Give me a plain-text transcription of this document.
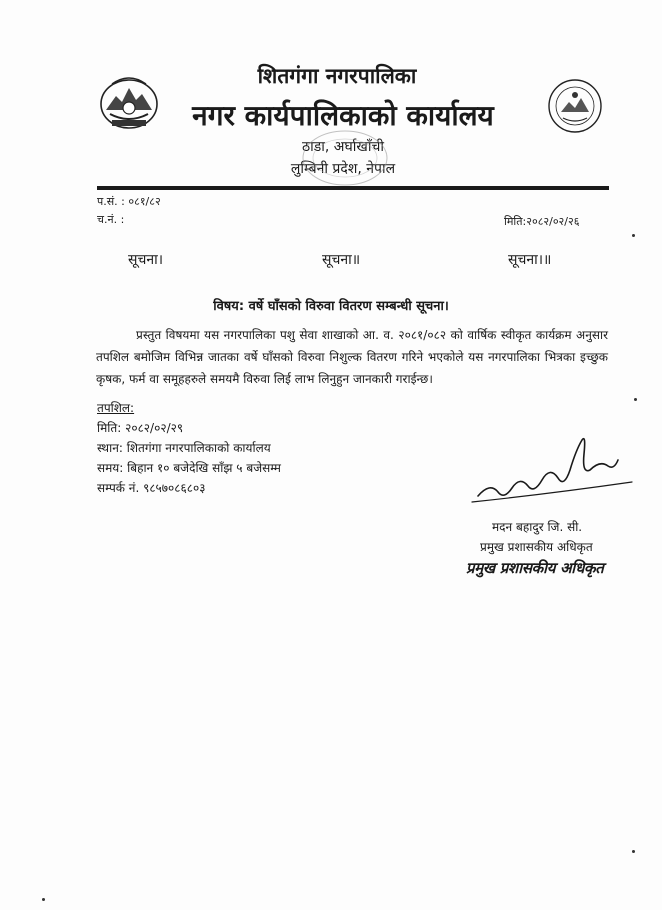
शितगंगा नगरपालिका
नगर कार्यपालिकाको कार्यालय
ठाडा, अर्घाखाँची
लुम्बिनी प्रदेश, नेपाल
प.सं. : ०८१/८२
च.नं. :	मिति:२०८२/०२/२६
सूचना।	सूचना॥	सूचना।॥
विषय: वर्षे घाँसको विरुवा वितरण सम्बन्धी सूचना।
प्रस्तुत विषयमा यस नगरपालिका पशु सेवा शाखाको आ. व. २०८१/०८२ को वार्षिक स्वीकृत कार्यक्रम अनुसार तपशिल बमोजिम विभिन्न जातका वर्षे घाँसको विरुवा निशुल्क वितरण गरिने भएकोले यस नगरपालिका भित्रका इच्छुक कृषक, फर्म वा समूहहरुले समयमै विरुवा लिई लाभ लिनुहुन जानकारी गराईन्छ।
तपशिल:
मिति: २०८२/०२/२९
स्थान: शितगंगा नगरपालिकाको कार्यालय
समय: बिहान १० बजेदेखि साँझ ५ बजेसम्म
सम्पर्क नं. ९८५७०८६८०३
मदन बहादुर जि. सी.
प्रमुख प्रशासकीय अधिकृत
प्रमुख प्रशासकीय अधिकृत
